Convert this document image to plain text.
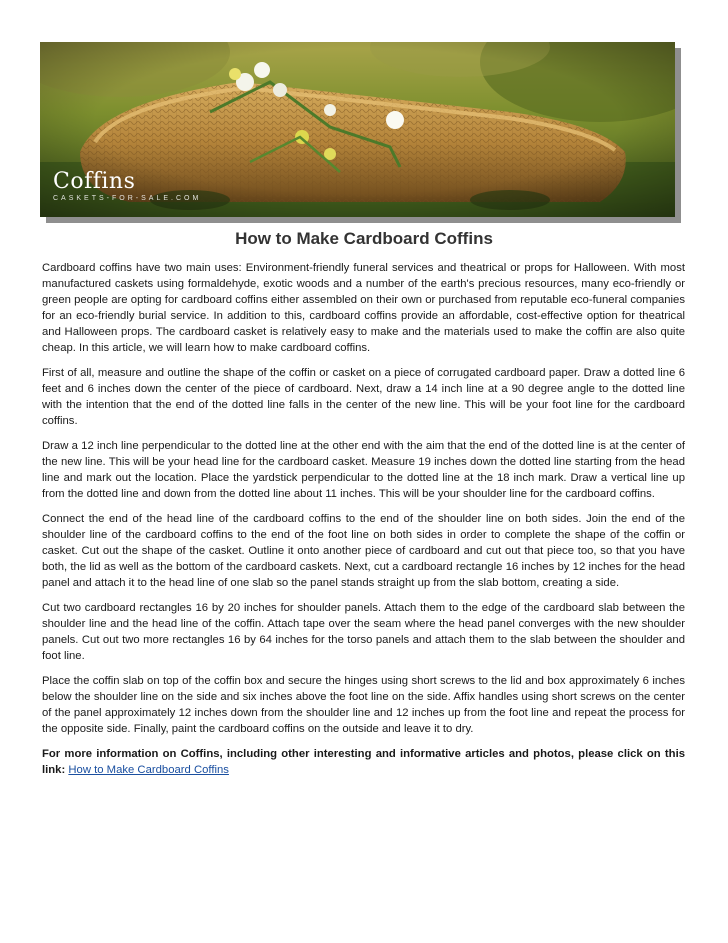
Coffins
CASKETS-FOR-SALE.COM
How to Make Cardboard Coffins

Cardboard coffins have two main uses: Environment-friendly funeral services and theatrical or props for Halloween. With most manufactured caskets using formaldehyde, exotic woods and a number of the earth's precious resources, many eco-friendly or green people are opting for cardboard coffins either assembled on their own or purchased from reputable eco-funeral companies for an eco-friendly burial service. In addition to this, cardboard coffins provide an affordable, cost-effective option for theatrical and Halloween props. The cardboard casket is relatively easy to make and the materials used to make the coffin are also quite cheap. In this article, we will learn how to make cardboard coffins.

First of all, measure and outline the shape of the coffin or casket on a piece of corrugated cardboard paper. Draw a dotted line 6 feet and 6 inches down the center of the piece of cardboard. Next, draw a 14 inch line at a 90 degree angle to the dotted line with the intention that the end of the dotted line falls in the center of the new line. This will be your foot line for the cardboard coffins.

Draw a 12 inch line perpendicular to the dotted line at the other end with the aim that the end of the dotted line is at the center of the new line. This will be your head line for the cardboard casket. Measure 19 inches down the dotted line starting from the head line and mark out the location. Place the yardstick perpendicular to the dotted line at the 18 inch mark. Draw a vertical line up from the dotted line and down from the dotted line about 11 inches. This will be your shoulder line for the cardboard coffins.

Connect the end of the head line of the cardboard coffins to the end of the shoulder line on both sides. Join the end of the shoulder line of the cardboard coffins to the end of the foot line on both sides in order to complete the shape of the coffin or casket. Cut out the shape of the casket. Outline it onto another piece of cardboard and cut out that piece too, so that you have both, the lid as well as the bottom of the cardboard caskets. Next, cut a cardboard rectangle 16 inches by 12 inches for the head panel and attach it to the head line of one slab so the panel stands straight up from the slab bottom, creating a side.

Cut two cardboard rectangles 16 by 20 inches for shoulder panels. Attach them to the edge of the cardboard slab between the shoulder line and the head line of the coffin. Attach tape over the seam where the head panel converges with the new shoulder panels. Cut out two more rectangles 16 by 64 inches for the torso panels and attach them to the slab between the shoulder and foot line.

Place the coffin slab on top of the coffin box and secure the hinges using short screws to the lid and box approximately 6 inches below the shoulder line on the side and six inches above the foot line on the side. Affix handles using short screws on the center of the panel approximately 12 inches down from the shoulder line and 12 inches up from the foot line and repeat the process for the opposite side. Finally, paint the cardboard coffins on the outside and leave it to dry.

For more information on Coffins, including other interesting and informative articles and photos, please click on this link: How to Make Cardboard Coffins
